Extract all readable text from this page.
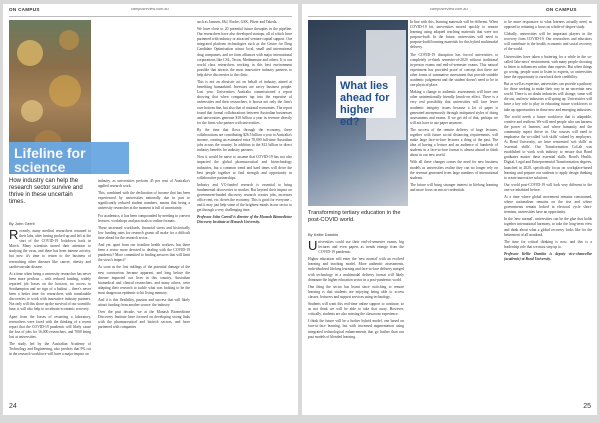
ON CAMPUS	campusreview.com.au
Lifeline for science
How industry can help the research sector survive and thrive in these uncertain times.
By John Gerrit

Recently, many medical researchers returned to their labs, after having packed up and left at the start of the COVID-19 lockdown back in March. Many scientists turned their attention to studying the virus, and there has been intense activity, but now it's time to return to the business of researching other diseases like cancer, obesity and cardiovascular disease.

At a time when being a university researcher has never been more perilous – with reduced funding, widely reported job losses on the horizon, no access to Southampton and no sign of a bailout – there's never been a better time for researchers with translatable discoveries to work with innovative industry partners. Not only will this shore up the survival of our scientific base, it will also help to accelerate economic recovery.

Apart from the losses of restarting a laboratory, researchers were faced with the thinking of a recent report that the COVID-19 pandemic will likely cause the loss of jobs for 16,000 researchers, and 7000 being lost at universities.

The study, led by the Australian Academy of Technology and Engineering, also predicts that 9% cut in the research workforce will have a major impact on

industry, as universities perform 45 per cent of Australia's applied research work.

This, combined with the declination of income that has been experienced by universities nationally due in part to significantly reduced student numbers, means that being a university researcher at the moment is full of uncertainty.

For academics, it has been compounded by needing to convert lectures, workshops and practicals to online formats.

These increased workloads, financial stress and historically low funding rates for research grants all make for a difficult time ahead for the research sector.

And yet, apart from our frontline health workers, has there been a sector more devoted to dealing with the COVID-19 pandemic? More committed to finding answers that will limit the virus's impact?

As soon as the first inklings of the potential damage of the new coronavirus became apparent, and long before the disease impacted our lives in this country, Australian biomedical and clinical researchers, and many others, were adapting their research to tackle what was looking to be the most dangerous epidemic to hit living memory.

And it is this flexibility, passion and success that will likely attract funding from another source: the industry.

Over the past decade, we at the Monash Biomedicine Discovery Institute have focused on developing strong links with the pharmaceutical and biotech sectors, and have partnered with companies

such as Janssen, J&J, Roche, GSK, Pfizer and Takeda.

We have close to 20 potential future therapies in the pipeline. Our researchers have also developed startups, all of which have partnered with industry or attracted venture capital support. Our integrated platform technologies such as the Centre for Drug Candidate Optimisation attract local, small and international drug companies, and we form alliances with major international corporations like CSL, Tecan, Medimmune and others. It is our world class researchers working in this best environment possible that attracts the most innovative industry partners to help drive discoveries to the clinic.

This is not an altruistic act on behalf of industry, aimed at benefiting humankind. Investors are savvy business people. Last year, Universities Australia commissioned a report showing that when companies tap into the expertise of universities and their researchers, it boosts not only the firm's own bottom line, but also that of national economies. The report found that formal collaborations between Australian businesses and universities generate $10 billion a year in revenue directly for the firms who partner with universities.

By the time that flows through the economy, these collaborations are contributing $26.5 billion a year to Australia's income, creating an estimated extra 70,000 full-time Australian jobs across the country. In addition to the $12 billion in direct industry benefits for industry partners.

Now it would be naive to assume that COVID-19 has not also impacted the global pharmaceutical and biotechnology industries, but a common trend and hard times will drive the best people together to find strength and opportunity in collaborative partnerships.

Industry and VC-funded research is essential to bring fundamental discoveries to market. But beyond their impact on government-funded discovery research creates jobs, increases office rent, etc. drives the economy. This is good for everyone – and it may just help some of the brightest minds in our sector to get through a very challenging time.

Professor John Carroll is director of the Monash Biomedicine Discovery Institute at Monash University.

24
ON CAMPUS
campusreview.com.au
What lies ahead for higher ed?
Transforming tertiary education in the post-COVID world.
By Kellie Damkin

Universities could use their end-of-semester exams, big lectures and even papers as trends emerge from the COVID-19 pandemic.

Higher education will enter the 'new normal' with an evolved learning and teaching model. More authentic assessments, individualised lifelong learning and face-to-face delivery merged with technology in a multimodal delivery format will likely dominate the higher education sector in a post-pandemic world.

One thing the sector has learnt since switching to remote learning is that students are enjoying being able to access classes, lecturers and support services using technology.

Students will want this real-time online support to continue, so as not think we will be able to take that away. However, critically, students are also missing the classroom experience.

I think the future will be a further hybrid model, one based on face-to-face learning, but with increased augmentation using integrated technological enhancements that go further than our past models of blended learning.

In line with this, learning materials will be different. When COVID-19 hit, universities moved quickly to remote learning using adapted teaching materials that were not purpose-built. In the future, universities will need to purpose-build learning materials for this hybrid multimodal delivery.

The COVID-19 disruption has forced universities to completely re-think semester-of-2020 without traditional in-person exams and end-of-semester exams. This natural experiment has provided proof of concept that there are other forms of summative assessment that provide suitable academic judgement and the student doesn't need to be in one physical place.

Making a change to authentic assessments will have one other unintentionally friendly knock-on effect. There is a very real possibility that universities will face fewer academic integrity issues because a lot of paper is generated anonymously through antiquated styles of doing assessments and exams. If we get rid of that, perhaps we will not have to use paper anymore.

The success of the remote delivery of large lectures, together with future social distancing requirements, will make large face-to-face lectures a thing of the past. The idea of having a lecture and an audience of hundreds of students in a face-to-face format is almost absurd to think about in our new world.

With all these changes comes the need for new business models as universities realise they can no longer rely on the revenue generated from large numbers of international students.

The future will bring stronger interest in lifelong learning and more focus on micro-credentials.

to be more responsive to what learners actually need, as opposed to retaining a focus on whole-of-degree study.

Globally, universities will be important players in the recovery from COVID-19. Our researchers and educators will contribute to the health, economic and social recovery of the world.

Universities have taken a battering for a while in the so-called 'fake news' environment, with many people choosing to listen to influencers rather than experts. But when things go wrong, people want to listen to experts, so universities have the opportunity to earn back their credibility.

But as well as expertise, universities can provide a pathway for those seeking to make their way in an uncertain new world. There is no doubt industries will change; some will die out, and new industries will spring up. Universities will have a key role to play in educating future workforces to take up opportunities in those new and emerging industries.

The world needs a future workforce that is adaptable, creative and resilient. We will need people who can harness the power of Internet, and where humanity and the community aspect thrive in. Our courses will need to emphasise the so-called 'soft skills' valued by employers. At Bond University, we have reinvented 'soft skills' as 'essential skills'. Our Transformation CoLab was established to work with industry to ensure that Bond graduates master these essential skills. Bond's Health, Digital, Legal and Entrepreneurial Transformation degrees, launched in 2020, specifically focus on workplace-based learning and prepare our students to apply design thinking to create innovative solutions.

Our world post-COVID-19 will look very different to the one we inhabited before.

At a time where global movement remains constrained, where nationalism remains on the rise and where governments remain locked in electoral cycle short-termism, universities have an opportunity.

In the 'new normal', universities can be the glue that holds together international harmony, to take the long-term view and think about what a global recovery looks like for the betterment of all mankind.

The time for critical thinking is now, and this is a leadership role that we must step up to.

Professor Kellie Damkin is deputy vice-chancellor (academic) at Bond University.

25
